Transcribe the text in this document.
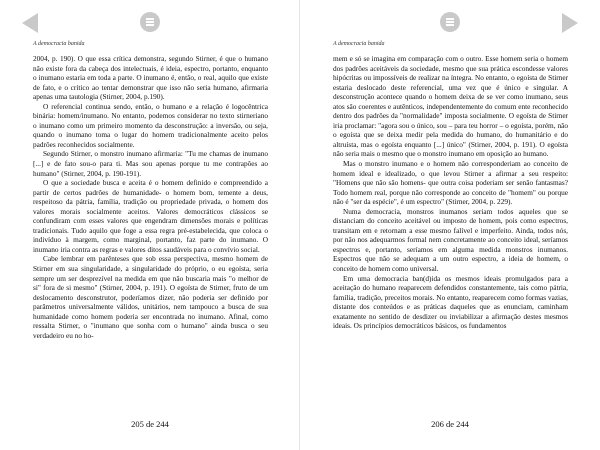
A democracia banida

2004, p. 190). O que essa crítica demonstra, segundo Stirner, é que o humano não existe fora da cabeça dos intelectuais, é ideia, espectro, portanto, enquanto o inumano estaria em toda a parte. O inumano é, então, o real, aquilo que existe de fato, e o crítico ao tentar demonstrar que isso não seria humano, afirmaria apenas uma tautologia (Stirner, 2004, p.190).

O referencial continua sendo, então, o humano e a relação é logocêntrica binária: homem/inumano. No entanto, podemos considerar no texto stirneriano o inumano como um primeiro momento da desconstrução: a inversão, ou seja, quando o inumano toma o lugar do homem tradicionalmente aceito pelos padrões reconhecidos socialmente.

Segundo Stirner, o monstro inumano afirmaria: "Tu me chamas de inumano [...] e de fato sou-o para ti. Mas sou apenas porque tu me contrapões ao humano" (Stirner, 2004, p. 190-191).

O que a sociedade busca e aceita é o homem definido e compreendido a partir de certos padrões de humanidade- o homem bom, temente a deus, respeitoso da pátria, família, tradição ou propriedade privada, o homem dos valores morais socialmente aceitos. Valores democráticos clássicos se confundiram com esses valores que engendram dimensões morais e políticas tradicionais. Tudo aquilo que foge a essa regra pré-estabelecida, que coloca o indivíduo à margem, como marginal, portanto, faz parte do inumano. O inumano iria contra as regras e valores ditos saudáveis para o convívio social.

Cabe lembrar em parênteses que sob essa perspectiva, mesmo homem de Stirner em sua singularidade, a singularidade do próprio, o eu egoísta, seria sempre um ser desprezível na medida em que não buscaria mais "o melhor de si" fora de si mesmo" (Stirner, 2004, p. 191). O egoísta de Stirner, fruto de um deslocamento desconstrutor, poderíamos dizer, não poderia ser definido por parâmetros universalmente válidos, unitários, nem tampouco a busca de sua humanidade como homem poderia ser encontrada no inumano. Afinal, como ressalta Stirner, o "inumano que sonha com o humano" ainda busca o seu verdadeiro eu no ho-

205 de 244
A democracia banida

mem e só se imagina em comparação com o outro. Esse homem seria o homem dos padrões aceitáveis da sociedade, mesmo que sua prática escondesse valores hipócritas ou impossíveis de realizar na íntegra. No entanto, o egoísta de Stirner estaria deslocado deste referencial, uma vez que é único e singular. A desconstrução acontece quando o homem deixa de se ver como inumano, seus atos são coerentes e autênticos, independentemente do comum ente reconhecido dentro dos padrões da "normalidade" imposta socialmente. O egoísta de Stirner iria proclamar: "agora sou o único, sou – para teu horror – o egoísta, porém, não o egoísta que se deixa medir pela medida do humano, do humanitário e do altruísta, mas o egoísta enquanto [...] único" (Stirner, 2004, p. 191). O egoísta não seria mais o mesmo que o monstro inumano em oposição ao humano.

Mas o monstro inumano e o homem não corresponderiam ao conceito de homem ideal e idealizado, o que levou Stirner a afirmar a seu respeito: "Homens que não são homens- que outra coisa poderiam ser senão fantasmas? Todo homem real, porque não corresponde ao conceito de "homem" ou porque não é "ser da espécie", é um espectro" (Stirner, 2004, p. 229).

Numa democracia, monstros inumanos seriam todos aqueles que se distanciam do conceito aceitável ou imposto de homem, pois como espectros, transitam em e retornam a esse mesmo falível e imperfeito. Ainda, todos nós, por não nos adequarmos formal nem concretamente ao conceito ideal, seríamos espectros e, portanto, seríamos em alguma medida monstros inumanos. Espectros que não se adequam a um outro espectro, a ideia de homem, o conceito de homem como universal.

Em uma democracia ban(d)ida os mesmos ideais promulgados para a aceitação do humano reaparecem defendidos constantemente, tais como pátria, família, tradição, preceitos morais. No entanto, reaparecem como formas vazias, distante dos conteúdos e as práticas daqueles que as enunciam, caminham exatamente no sentido de desdizer ou inviabilizar a afirmação destes mesmos ideais. Os princípios democráticos básicos, os fundamentos

206 de 244
